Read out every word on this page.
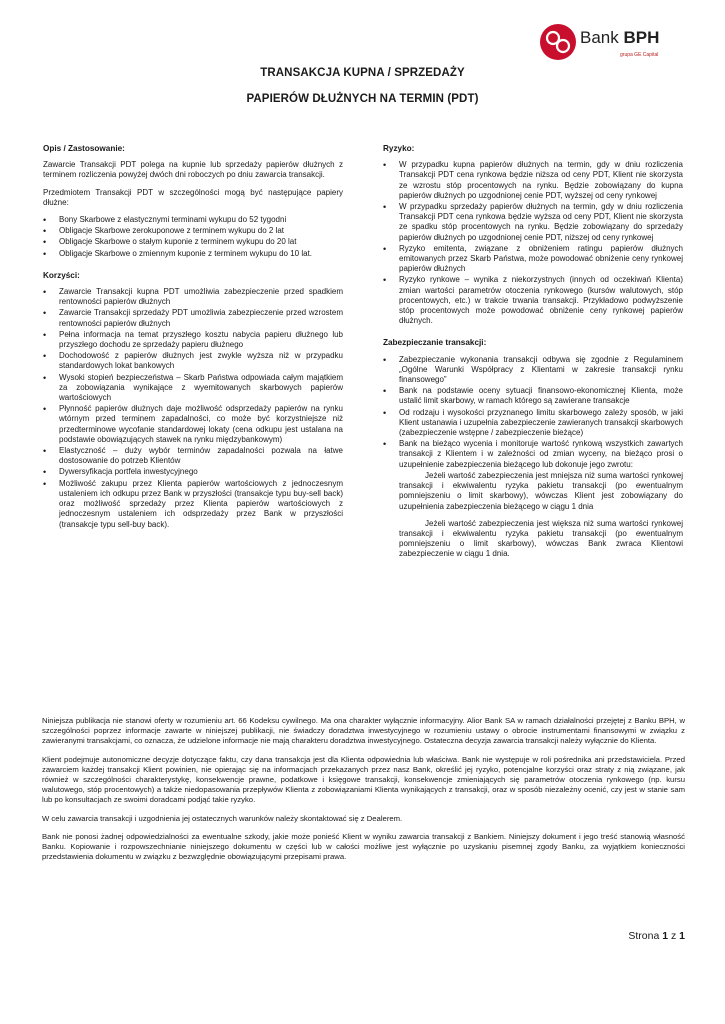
Bank BPH
grupa GE Capital
TRANSAKCJA KUPNA / SPRZEDAŻY
PAPIERÓW DŁUŻNYCH NA TERMIN (PDT)
Opis / Zastosowanie:

Zawarcie Transakcji PDT polega na kupnie lub sprzedaży papierów dłużnych z terminem rozliczenia powyżej dwóch dni roboczych po dniu zawarcia transakcji.

Przedmiotem Transakcji PDT w szczególności mogą być następujące papiery dłużne:

• Bony Skarbowe z elastycznymi terminami wykupu do 52 tygodni
• Obligacje Skarbowe zerokuponowe z terminem wykupu do 2 lat
• Obligacje Skarbowe o stałym kuponie z terminem wykupu do 20 lat
• Obligacje Skarbowe o zmiennym kuponie z terminem wykupu do 10 lat.
Korzyści:
• Zawarcie Transakcji kupna PDT umożliwia zabezpieczenie przed spadkiem rentowności papierów dłużnych
• Zawarcie Transakcji sprzedaży PDT umożliwia zabezpieczenie przed wzrostem rentowności papierów dłużnych
• Pełna informacja na temat przyszłego kosztu nabycia papieru dłużnego lub przyszłego dochodu ze sprzedaży papieru dłużnego
• Dochodowość z papierów dłużnych jest zwykle wyższa niż w przypadku standardowych lokat bankowych
• Wysoki stopień bezpieczeństwa – Skarb Państwa odpowiada całym majątkiem za zobowiązania wynikające z wyemitowanych skarbowych papierów wartościowych
• Płynność papierów dłużnych daje możliwość odsprzedaży papierów na rynku wtórnym przed terminem zapadalności, co może być korzystniejsze niż przedterminowe wycofanie standardowej lokaty (cena odkupu jest ustalana na podstawie obowiązujących stawek na rynku międzybankowym)
• Elastyczność – duży wybór terminów zapadalności pozwala na łatwe dostosowanie do potrzeb Klientów
• Dywersyfikacja portfela inwestycyjnego
• Możliwość zakupu przez Klienta papierów wartościowych z jednoczesnym ustaleniem ich odkupu przez Bank w przyszłości (transakcje typu buy-sell back) oraz możliwość sprzedaży przez Klienta papierów wartościowych z jednoczesnym ustaleniem ich odsprzedaży przez Bank w przyszłości (transakcje typu sell-buy back).
Ryzyko:
• W przypadku kupna papierów dłużnych na termin, gdy w dniu rozliczenia Transakcji PDT cena rynkowa będzie niższa od ceny PDT, Klient nie skorzysta ze wzrostu stóp procentowych na rynku. Będzie zobowiązany do kupna papierów dłużnych po uzgodnionej cenie PDT, wyższej od ceny rynkowej
• W przypadku sprzedaży papierów dłużnych na termin, gdy w dniu rozliczenia Transakcji PDT cena rynkowa będzie wyższa od ceny PDT, Klient nie skorzysta ze spadku stóp procentowych na rynku. Będzie zobowiązany do sprzedaży papierów dłużnych po uzgodnionej cenie PDT, niższej od ceny rynkowej
• Ryzyko emitenta, związane z obniżeniem ratingu papierów dłużnych emitowanych przez Skarb Państwa, może powodować obniżenie ceny rynkowej papierów dłużnych
• Ryzyko rynkowe – wynika z niekorzystnych (innych od oczekiwań Klienta) zmian wartości parametrów otoczenia rynkowego (kursów walutowych, stóp procentowych, etc.) w trakcie trwania transakcji. Przykładowo podwyższenie stóp procentowych może powodować obniżenie ceny rynkowej papierów dłużnych.
Zabezpieczanie transakcji:
• Zabezpieczanie wykonania transakcji odbywa się zgodnie z Regulaminem „Ogólne Warunki Współpracy z Klientami w zakresie transakcji rynku finansowego”
• Bank na podstawie oceny sytuacji finansowo-ekonomicznej Klienta, może ustalić limit skarbowy, w ramach którego są zawierane transakcje
• Od rodzaju i wysokości przyznanego limitu skarbowego zależy sposób, w jaki Klient ustanawia i uzupełnia zabezpieczenie zawieranych transakcji skarbowych (zabezpieczenie wstępne / zabezpieczenie bieżące)
• Bank na bieżąco wycenia i monitoruje wartość rynkową wszystkich zawartych transakcji z Klientem i w zależności od zmian wyceny, na bieżąco prosi o uzupełnienie zabezpieczenia bieżącego lub dokonuje jego zwrotu:

Jeżeli wartość zabezpieczenia jest mniejsza niż suma wartości rynkowej transakcji i ekwiwalentu ryzyka pakietu transakcji (po ewentualnym pomniejszeniu o limit skarbowy), wówczas Klient jest zobowiązany do uzupełnienia zabezpieczenia bieżącego w ciągu 1 dnia

Jeżeli wartość zabezpieczenia jest większa niż suma wartości rynkowej transakcji i ekwiwalentu ryzyka pakietu transakcji (po ewentualnym pomniejszeniu o limit skarbowy), wówczas Bank zwraca Klientowi zabezpieczenie w ciągu 1 dnia.

Niniejsza publikacja nie stanowi oferty w rozumieniu art. 66 Kodeksu cywilnego. Ma ona charakter wyłącznie informacyjny. Alior Bank SA w ramach działalności przejętej z Banku BPH, w szczególności poprzez informacje zawarte w niniejszej publikacji, nie świadczy doradztwa inwestycyjnego w rozumieniu ustawy o obrocie instrumentami finansowymi w związku z zawieranymi transakcjami, co oznacza, że udzielone informacje nie mają charakteru doradztwa inwestycyjnego. Ostateczna decyzja zawarcia transakcji należy wyłącznie do Klienta.

Klient podejmuje autonomiczne decyzje dotyczące faktu, czy dana transakcja jest dla Klienta odpowiednia lub właściwa. Bank nie występuje w roli pośrednika ani przedstawiciela. Przed zawarciem każdej transakcji Klient powinien, nie opierając się na informacjach przekazanych przez nasz Bank, określić jej ryzyko, potencjalne korzyści oraz straty z nią związane, jak również w szczególności charakterystykę, konsekwencje prawne, podatkowe i księgowe transakcji, konsekwencje zmieniających się parametrów otoczenia rynkowego (np. kursu walutowego, stóp procentowych) a także niedopasowania przepływów Klienta z zobowiązaniami Klienta wynikających z transakcji, oraz w sposób niezależny ocenić, czy jest w stanie sam lub po konsultacjach ze swoimi doradcami podjąć takie ryzyko.

W celu zawarcia transakcji i uzgodnienia jej ostatecznych warunków należy skontaktować się z Dealerem.

Bank nie ponosi żadnej odpowiedzialności za ewentualne szkody, jakie może ponieść Klient w wyniku zawarcia transakcji z Bankiem. Niniejszy dokument i jego treść stanowią własność Banku. Kopiowanie i rozpowszechnianie niniejszego dokumentu w części lub w całości możliwe jest wyłącznie po uzyskaniu pisemnej zgody Banku, za wyjątkiem konieczności przedstawienia dokumentu w związku z bezwzględnie obowiązującymi przepisami prawa.

Strona 1 z 1
